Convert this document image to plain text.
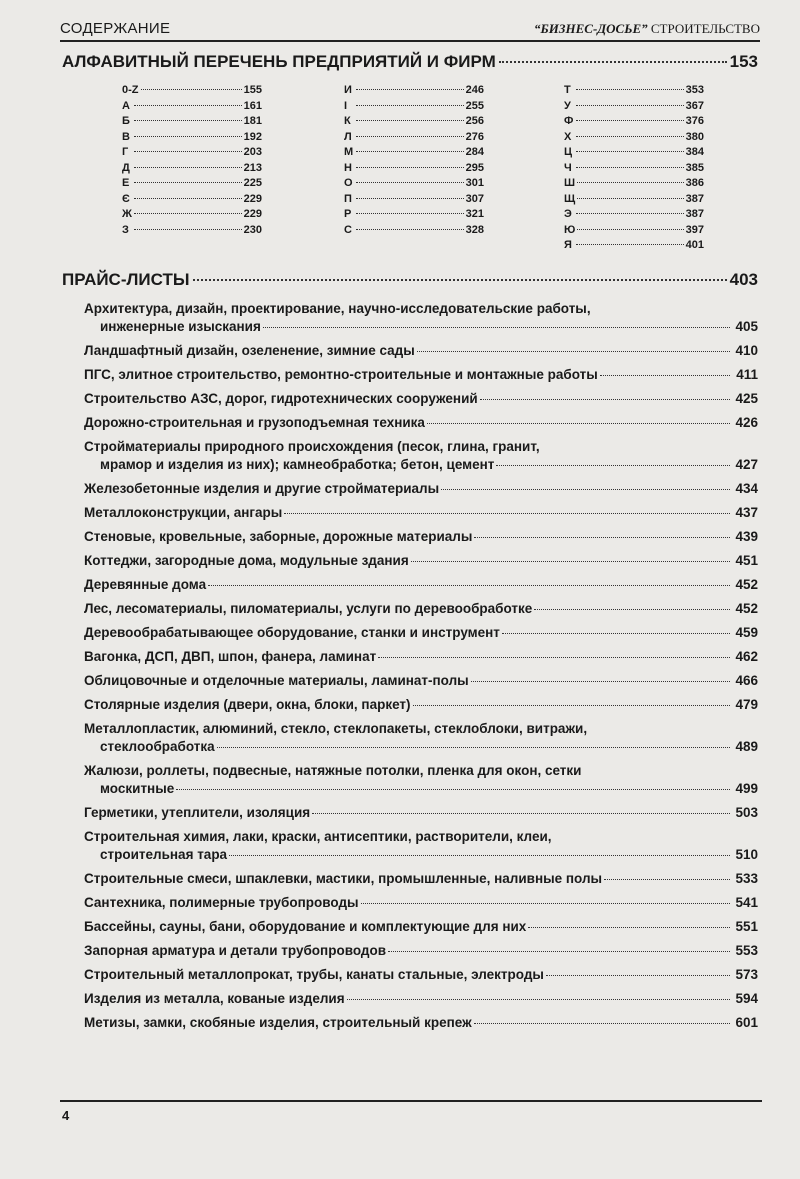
СОДЕРЖАНИЕ	“БИЗНЕС-ДОСЬЕ” СТРОИТЕЛЬСТВО
АЛФАВИТНЫЙ ПЕРЕЧЕНЬ ПРЕДПРИЯТИЙ И ФИРМ	153
0-Z	155
А	161
Б	181
В	192
Г	203
Д	213
Е	225
Є	229
Ж	229
З	230
И	246
І	255
К	256
Л	276
М	284
Н	295
О	301
П	307
Р	321
С	328
Т	353
У	367
Ф	376
Х	380
Ц	384
Ч	385
Ш	386
Щ	387
Э	387
Ю	397
Я	401
ПРАЙС-ЛИСТЫ	403
Архитектура, дизайн, проектирование, научно-исследовательские работы,
инженерные изыскания	405
Ландшафтный дизайн, озеленение, зимние сады	410
ПГС, элитное строительство, ремонтно-строительные и монтажные работы	411
Строительство АЗС, дорог, гидротехнических сооружений	425
Дорожно-строительная и грузоподъемная техника	426
Стройматериалы природного происхождения (песок, глина, гранит,
мрамор и изделия из них); камнеобработка; бетон, цемент	427
Железобетонные изделия и другие стройматериалы	434
Металлоконструкции, ангары	437
Стеновые, кровельные, заборные, дорожные материалы	439
Коттеджи, загородные дома, модульные здания	451
Деревянные дома	452
Лес, лесоматериалы, пиломатериалы, услуги по деревообработке	452
Деревообрабатывающее оборудование, станки и инструмент	459
Вагонка, ДСП, ДВП, шпон, фанера, ламинат	462
Облицовочные и отделочные материалы, ламинат-полы	466
Столярные изделия (двери, окна, блоки, паркет)	479
Металлопластик, алюминий, стекло, стеклопакеты, стеклоблоки, витражи,
стеклообработка	489
Жалюзи, роллеты, подвесные, натяжные потолки, пленка для окон, сетки
москитные	499
Герметики, утеплители, изоляция	503
Строительная химия, лаки, краски, антисептики, растворители, клеи,
строительная тара	510
Строительные смеси, шпаклевки, мастики, промышленные, наливные полы	533
Сантехника, полимерные трубопроводы	541
Бассейны, сауны, бани, оборудование и комплектующие для них	551
Запорная арматура и детали трубопроводов	553
Строительный металлопрокат, трубы, канаты стальные, электроды	573
Изделия из металла, кованые изделия	594
Метизы, замки, скобяные изделия, строительный крепеж	601
4
